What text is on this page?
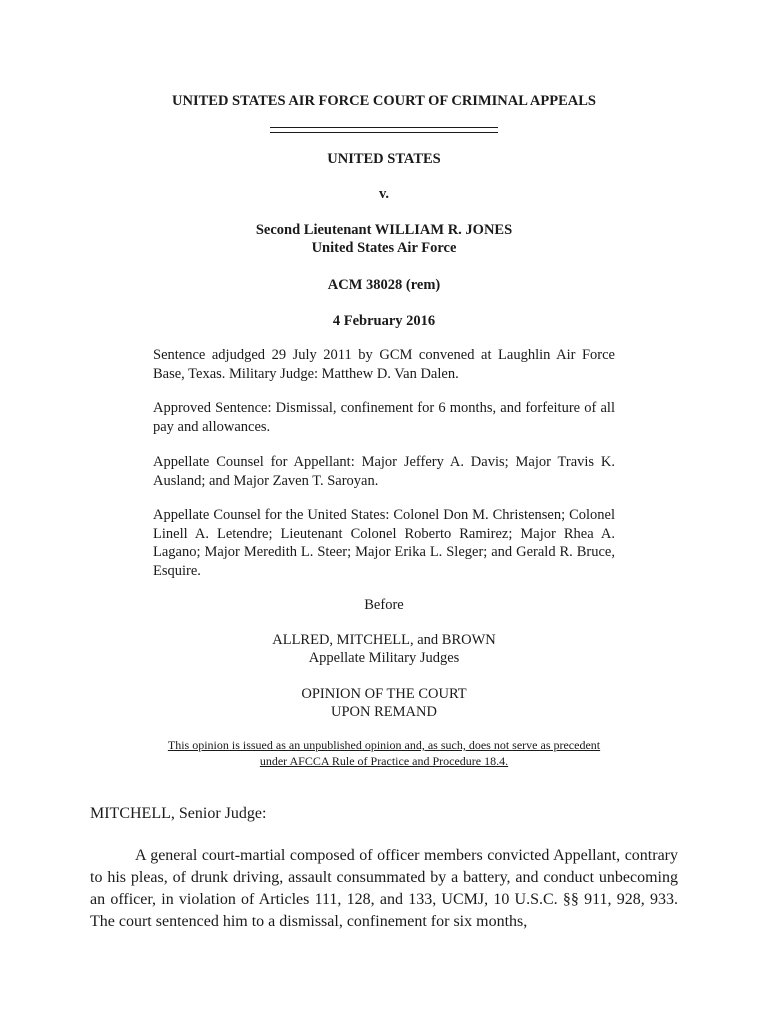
UNITED STATES AIR FORCE COURT OF CRIMINAL APPEALS
UNITED STATES
v.
Second Lieutenant WILLIAM R. JONES
United States Air Force
ACM 38028 (rem)
4 February 2016

Sentence adjudged 29 July 2011 by GCM convened at Laughlin Air Force Base, Texas. Military Judge: Matthew D. Van Dalen.

Approved Sentence: Dismissal, confinement for 6 months, and forfeiture of all pay and allowances.

Appellate Counsel for Appellant: Major Jeffery A. Davis; Major Travis K. Ausland; and Major Zaven T. Saroyan.

Appellate Counsel for the United States: Colonel Don M. Christensen; Colonel Linell A. Letendre; Lieutenant Colonel Roberto Ramirez; Major Rhea A. Lagano; Major Meredith L. Steer; Major Erika L. Sleger; and Gerald R. Bruce, Esquire.

Before
ALLRED, MITCHELL, and BROWN
Appellate Military Judges
OPINION OF THE COURT
UPON REMAND
This opinion is issued as an unpublished opinion and, as such, does not serve as precedent
under AFCCA Rule of Practice and Procedure 18.4.
MITCHELL, Senior Judge:
A general court-martial composed of officer members convicted Appellant, contrary to his pleas, of drunk driving, assault consummated by a battery, and conduct unbecoming an officer, in violation of Articles 111, 128, and 133, UCMJ, 10 U.S.C. §§ 911, 928, 933. The court sentenced him to a dismissal, confinement for six months,
